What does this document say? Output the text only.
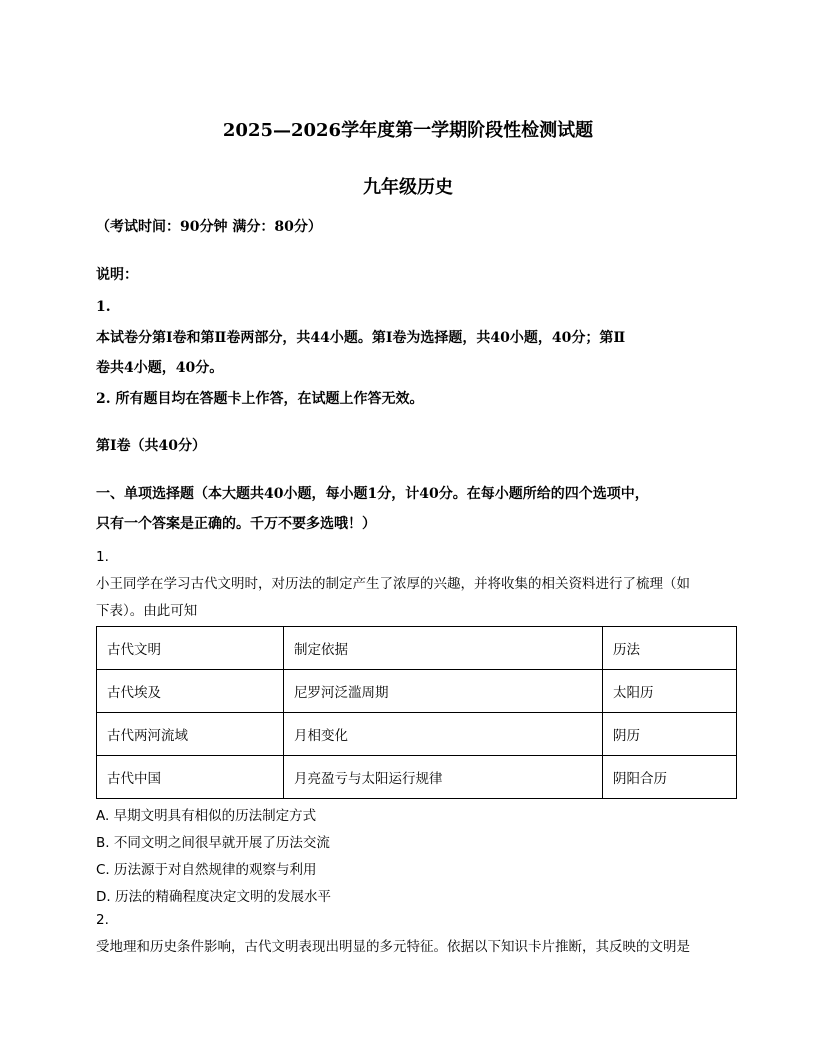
2025—2026学年度第一学期阶段性检测试题
九年级历史
（考试时间：90分钟 满分：80分）
说明：
1.
本试卷分第Ⅰ卷和第Ⅱ卷两部分，共44小题。第Ⅰ卷为选择题，共40小题，40分；第Ⅱ
卷共4小题，40分。
2. 所有题目均在答题卡上作答，在试题上作答无效。
第Ⅰ卷（共40分）
一、单项选择题（本大题共40小题，每小题1分，计40分。在每小题所给的四个选项中，
只有一个答案是正确的。千万不要多选哦！）
1.
小王同学在学习古代文明时，对历法的制定产生了浓厚的兴趣，并将收集的相关资料进行了梳理（如
下表）。由此可知
古代文明	制定依据	历法
古代埃及	尼罗河泛滥周期	太阳历
古代两河流域	月相变化	阴历
古代中国	月亮盈亏与太阳运行规律	阴阳合历
A. 早期文明具有相似的历法制定方式
B. 不同文明之间很早就开展了历法交流
C. 历法源于对自然规律的观察与利用
D. 历法的精确程度决定文明的发展水平
2.
受地理和历史条件影响，古代文明表现出明显的多元特征。依据以下知识卡片推断，其反映的文明是
